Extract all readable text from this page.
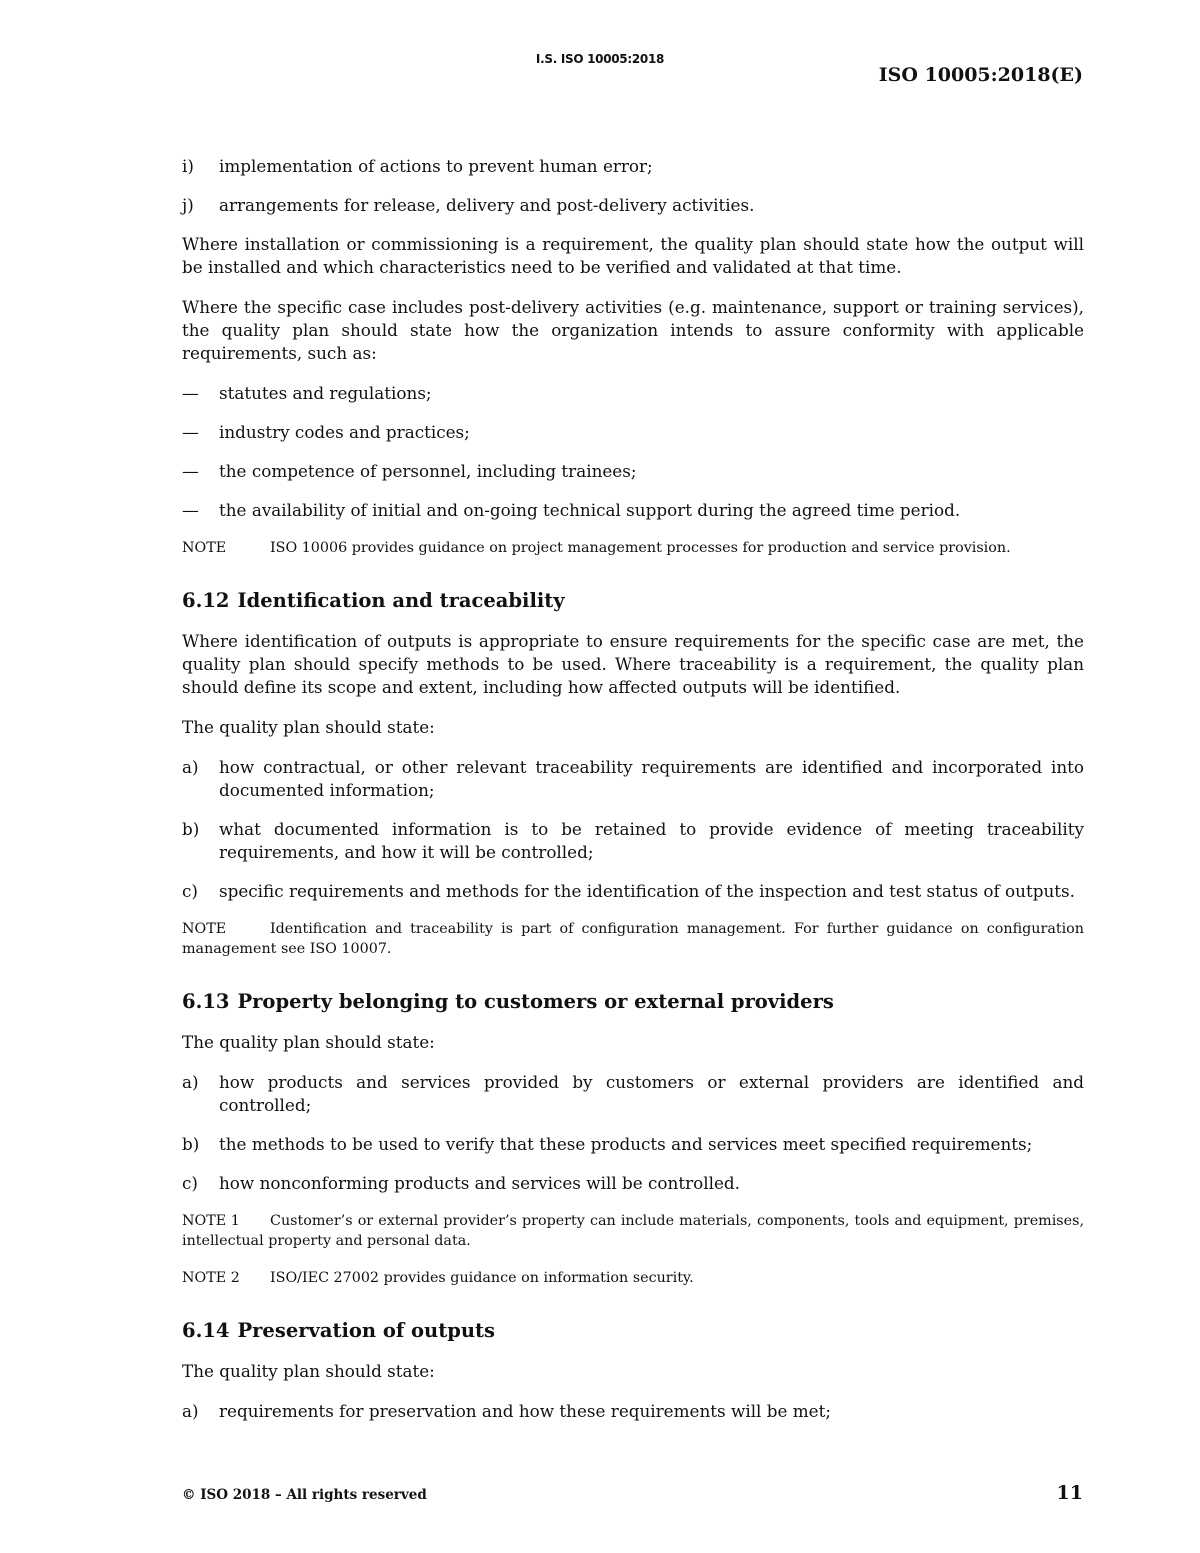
I.S. ISO 10005:2018
ISO 10005:2018(E)
i)	implementation of actions to prevent human error;
j)	arrangements for release, delivery and post-delivery activities.

Where installation or commissioning is a requirement, the quality plan should state how the output will be installed and which characteristics need to be verified and validated at that time.

Where the specific case includes post-delivery activities (e.g. maintenance, support or training services), the quality plan should state how the organization intends to assure conformity with applicable requirements, such as:

—	statutes and regulations;
—	industry codes and practices;
—	the competence of personnel, including trainees;
—	the availability of initial and on-going technical support during the agreed time period.
NOTE	ISO 10006 provides guidance on project management processes for production and service provision.
6.12 Identification and traceability

Where identification of outputs is appropriate to ensure requirements for the specific case are met, the quality plan should specify methods to be used. Where traceability is a requirement, the quality plan should define its scope and extent, including how affected outputs will be identified.

The quality plan should state:

a)	how contractual, or other relevant traceability requirements are identified and incorporated into documented information;
b)	what documented information is to be retained to provide evidence of meeting traceability requirements, and how it will be controlled;
c)	specific requirements and methods for the identification of the inspection and test status of outputs.
NOTE	Identification and traceability is part of configuration management. For further guidance on configuration management see ISO 10007.
6.13 Property belonging to customers or external providers

The quality plan should state:

a)	how products and services provided by customers or external providers are identified and controlled;
b)	the methods to be used to verify that these products and services meet specified requirements;
c)	how nonconforming products and services will be controlled.
NOTE 1 Customer’s or external provider’s property can include materials, components, tools and equipment, premises, intellectual property and personal data.
NOTE 2	ISO/IEC 27002 provides guidance on information security.
6.14 Preservation of outputs

The quality plan should state:

a)	requirements for preservation and how these requirements will be met;
© ISO 2018 – All rights reserved	11
